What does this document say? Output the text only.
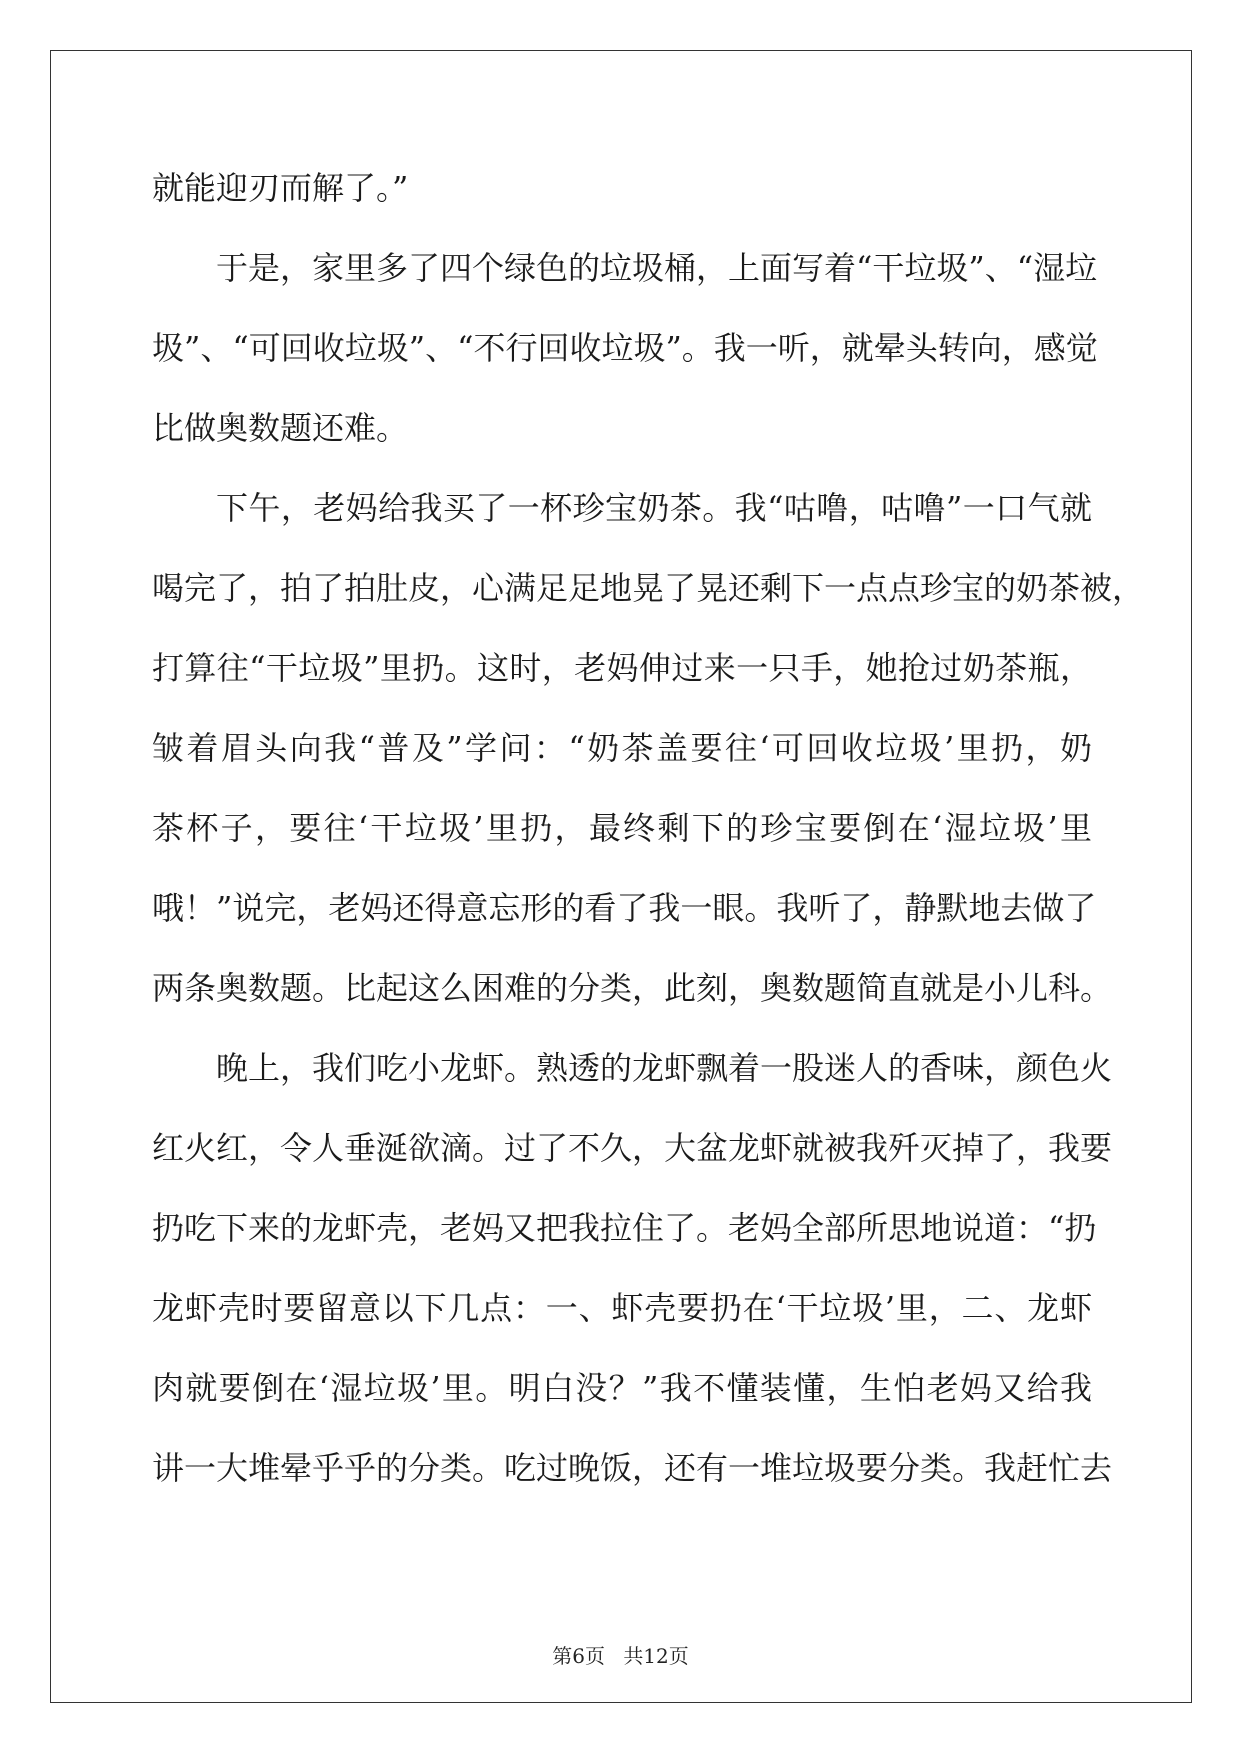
就能迎刃而解了。”
于是，家里多了四个绿色的垃圾桶，上面写着“干垃圾”、“湿垃
圾”、“可回收垃圾”、“不行回收垃圾”。我一听，就晕头转向，感觉
比做奥数题还难。
下午，老妈给我买了一杯珍宝奶茶。我“咕噜，咕噜”一口气就
喝完了，拍了拍肚皮，心满足足地晃了晃还剩下一点点珍宝的奶茶被，
打算往“干垃圾”里扔。这时，老妈伸过来一只手，她抢过奶茶瓶，
皱着眉头向我“普及”学问：“奶茶盖要往‘可回收垃圾’里扔，奶
茶杯子，要往‘干垃圾’里扔，最终剩下的珍宝要倒在‘湿垃圾’里
哦！”说完，老妈还得意忘形的看了我一眼。我听了，静默地去做了
两条奥数题。比起这么困难的分类，此刻，奥数题简直就是小儿科。
晚上，我们吃小龙虾。熟透的龙虾飘着一股迷人的香味，颜色火
红火红，令人垂涎欲滴。过了不久，大盆龙虾就被我歼灭掉了，我要
扔吃下来的龙虾壳，老妈又把我拉住了。老妈全部所思地说道：“扔
龙虾壳时要留意以下几点：一、虾壳要扔在‘干垃圾’里，二、龙虾
肉就要倒在‘湿垃圾’里。明白没？”我不懂装懂，生怕老妈又给我
讲一大堆晕乎乎的分类。吃过晚饭，还有一堆垃圾要分类。我赶忙去
第6页 共12页
